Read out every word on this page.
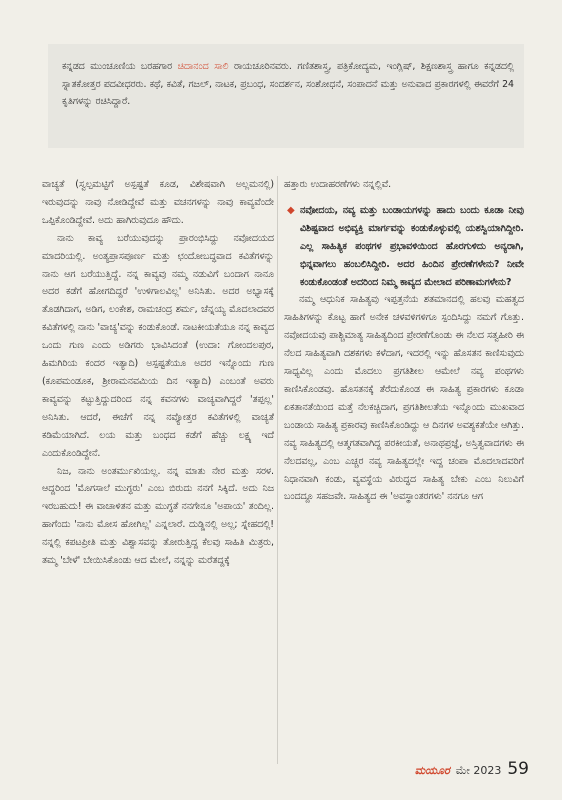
ಕನ್ನಡದ ಮುಂಚೂಣಿಯ ಬರಹಗಾರ ಚಿದಾನಂದ ಸಾಲಿ ರಾಯಚೂರಿನವರು. ಗಣಿತಶಾಸ್ತ್ರ, ಪತ್ರಿಕೋದ್ಯಮ, ಇಂಗ್ಲಿಷ್, ಶಿಕ್ಷಣಶಾಸ್ತ್ರ ಹಾಗೂ ಕನ್ನಡದಲ್ಲಿ ಸ್ನಾತಕೋತ್ತರ ಪದವೀಧರರು. ಕಥೆ, ಕವಿತೆ, ಗಜಲ್, ನಾಟಕ, ಪ್ರಬಂಧ, ಸಂದರ್ಶನ, ಸಂಶೋಧನೆ, ಸಂಪಾದನೆ ಮತ್ತು ಅನುವಾದ ಪ್ರಕಾರಗಳಲ್ಲಿ ಈವರೆಗೆ 24 ಕೃತಿಗಳನ್ನು ರಚಿಸಿದ್ದಾರೆ.

ವಾಚ್ಯತೆ (ಸ್ವಲ್ಪಮಟ್ಟಿಗೆ ಅಸ್ಪಷ್ಟತೆ ಕೂಡ, ವಿಶೇಷವಾಗಿ ಅಲ್ಲಮನಲ್ಲಿ) ಇರುವುದನ್ನು ನಾವು ನೋಡಿದ್ದೇವೆ ಮತ್ತು ವಚನಗಳನ್ನು ನಾವು ಕಾವ್ಯವೆಂದೇ ಒಪ್ಪಿಕೊಂಡಿದ್ದೇವೆ. ಅದು ಹಾಗಿರುವುದೂ ಹೌದು.

ನಾನು ಕಾವ್ಯ ಬರೆಯುವುದನ್ನು ಪ್ರಾರಂಭಿಸಿದ್ದು ನವೋದಯದ ಮಾದರಿಯಲ್ಲಿ. ಅಂತ್ಯಪ್ರಾಸಪೂರ್ಣ ಮತ್ತು ಛಂದೋಬದ್ಧವಾದ ಕವಿತೆಗಳನ್ನು ನಾನು ಆಗ ಬರೆಯುತ್ತಿದ್ದೆ. ನನ್ನ ಕಾವ್ಯವು ನಮ್ಮ ನಡುವಿಗೆ ಬಂದಾಗ ನಾನೂ ಅದರ ಕಡೆಗೆ ಹೋಗದಿದ್ದರೆ 'ಉಳಿಗಾಲವಿಲ್ಲ' ಅನಿಸಿತು. ಅದರ ಅಭ್ಯಾಸಕ್ಕೆ ತೊಡಗಿದಾಗ, ಅಡಿಗ, ಲಂಕೇಶ, ರಾಮಚಂದ್ರ ಶರ್ಮ, ಚೆನ್ನಯ್ಯ ಮೊದಲಾದವರ ಕವಿತೆಗಳಲ್ಲಿ ನಾನು 'ವಾಚ್ಯ'ವನ್ನು ಕಂಡುಕೊಂಡೆ. ನಾಟಕೀಯತೆಯೂ ನನ್ನ ಕಾವ್ಯದ ಒಂದು ಗುಣ ಎಂದು ಅಡಿಗರು ಭಾವಿಸಿದಂತೆ (ಉದಾ: ಗೋಂದಲಪುರ, ಹಿಮಗಿರಿಯ ಕಂದರ ಇತ್ಯಾದಿ) ಅಸ್ಪಷ್ಟತೆಯೂ ಅದರ ಇನ್ನೊಂದು ಗುಣ (ಕೂಪಮಂಡೂಕ, ಶ್ರೀರಾಮನವಮಿಯ ದಿನ ಇತ್ಯಾದಿ) ಎಂಬಂತೆ ಅವರು ಕಾವ್ಯವನ್ನು ಕಟ್ಟುತ್ತಿದ್ದುದರಿಂದ ನನ್ನ ಕವನಗಳು ವಾಚ್ಯವಾಗಿದ್ದರೆ 'ತಪ್ಪಲ್ಲ' ಅನಿಸಿತು. ಆದರೆ, ಈಚೆಗೆ ನನ್ನ ನವ್ಯೋತ್ತರ ಕವಿತೆಗಳಲ್ಲಿ ವಾಚ್ಯತೆ ಕಡಿಮೆಯಾಗಿದೆ. ಲಯ ಮತ್ತು ಬಂಧದ ಕಡೆಗೆ ಹೆಚ್ಚು ಲಕ್ಷ್ಯ ಇದೆ ಎಂದುಕೊಂಡಿದ್ದೇನೆ.

ನಿಜ, ನಾನು ಅಂತರ್ಮುಖಿಯಲ್ಲ. ನನ್ನ ಮಾತು ನೇರ ಮತ್ತು ಸರಳ. ಆದ್ದರಿಂದ 'ಮೊಗಸಾಲೆ ಮುಗ್ಧರು' ಎಂಬ ಬಿರುದು ನನಗೆ ಸಿಕ್ಕಿದೆ. ಅದು ನಿಜ ಇರಬಹುದು! ಈ ವಾಚಾಳಿತನ ಮತ್ತು ಮುಗ್ಧತೆ ನನಗೇನೂ 'ಅಪಾಯ' ತಂದಿಲ್ಲ. ಹಾಗೆಂದು 'ನಾನು ಮೋಸ ಹೋಗಿಲ್ಲ' ಎನ್ನಲಾರೆ. ದುಡ್ಡಿನಲ್ಲಿ ಅಲ್ಲ; ಸ್ನೇಹದಲ್ಲಿ! ನನ್ನಲ್ಲಿ ಕಪಟಪ್ರೀತಿ ಮತ್ತು ವಿಶ್ವಾಸವನ್ನು ತೋರುತ್ತಿದ್ದ ಕೆಲವು ಸಾಹಿತಿ ಮಿತ್ರರು, ತಮ್ಮ 'ಬೇಳೆ' ಬೇಯಿಸಿಕೊಂಡು ಆದ ಮೇಲೆ, ನನ್ನನ್ನು ಮರೆತದ್ದಕ್ಕೆ

ಹತ್ತಾರು ಉದಾಹರಣೆಗಳು ನನ್ನಲ್ಲಿವೆ.

◆ ನವೋದಯ, ನವ್ಯ ಮತ್ತು ಬಂಡಾಯಗಳನ್ನು ಹಾದು ಬಂದು ಕೂಡಾ ನೀವು ವಿಶಿಷ್ಟವಾದ ಅಭಿವ್ಯಕ್ತಿ ಮಾರ್ಗವನ್ನು ಕಂಡುಕೊಳ್ಳುವಲ್ಲಿ ಯಶಸ್ವಿಯಾಗಿದ್ದೀರಿ. ಎಲ್ಲ ಸಾಹಿತ್ಯಿಕ ಪಂಥಗಳ ಪ್ರಭಾವಳಿಯಿಂದ ಹೊರಗುಳಿದು ಅನ್ಯರಾಗಿ, ಭಿನ್ನವಾಗಲು ಹಂಬಲಿಸಿದ್ದೀರಿ. ಅದರ ಹಿಂದಿನ ಪ್ರೇರಣೆಗಳೇನು? ನೀವೇ ಕಂಡುಕೊಂಡಂತೆ ಅದರಿಂದ ನಿಮ್ಮ ಕಾವ್ಯದ ಮೇಲಾದ ಪರಿಣಾಮಗಳೇನು?

ನಮ್ಮ ಆಧುನಿಕ ಸಾಹಿತ್ಯವು ಇಪ್ಪತ್ತನೆಯ ಶತಮಾನದಲ್ಲಿ ಹಲವು ಮಹತ್ವದ ಸಾಹಿತಿಗಳನ್ನು ಕೊಟ್ಟ ಹಾಗೆ ಅನೇಕ ಚಳವಳಿಗಳಿಗೂ ಸ್ಪಂದಿಸಿದ್ದು ನಮಗೆ ಗೊತ್ತು. ನವೋದಯವು ಪಾಶ್ಚಿಮಾತ್ಯ ಸಾಹಿತ್ಯದಿಂದ ಪ್ರೇರಣೆಗೊಂಡು ಈ ನೆಲದ ಸತ್ವಹೀರಿ ಈ ನೆಲದ ಸಾಹಿತ್ಯವಾಗಿ ದಶಕಗಳು ಕಳೆದಾಗ, ಇದರಲ್ಲಿ ಇನ್ನು ಹೊಸತನ ಕಾಣಿಸುವುದು ಸಾಧ್ಯವಿಲ್ಲ ಎಂದು ಮೊದಲು ಪ್ರಗತಿಶೀಲ ಆಮೇಲೆ ನವ್ಯ ಪಂಥಗಳು ಕಾಣಿಸಿಕೊಂಡವು. ಹೊಸತನಕ್ಕೆ ತೆರೆದುಕೊಂಡ ಈ ಸಾಹಿತ್ಯ ಪ್ರಕಾರಗಳು ಕೂಡಾ ಏಕತಾನತೆಯಿಂದ ಮತ್ತೆ ನೆಲಕಚ್ಚಿದಾಗ, ಪ್ರಗತಿಶೀಲತೆಯ ಇನ್ನೊಂದು ಮುಖವಾದ ಬಂಡಾಯ ಸಾಹಿತ್ಯ ಪ್ರಕಾರವು ಕಾಣಿಸಿಕೊಂಡಿದ್ದು ಆ ದಿನಗಳ ಅವಶ್ಯಕತೆಯೇ ಆಗಿತ್ತು. ನವ್ಯ ಸಾಹಿತ್ಯದಲ್ಲಿ ಆತ್ಮಗತವಾಗಿದ್ದ ಪರಕೀಯತೆ, ಅನಾಥಪ್ರಜ್ಞೆ, ಅಸ್ತಿತ್ವವಾದಗಳು ಈ ನೆಲದವಲ್ಲ, ಎಂಬ ಎಚ್ಚರ ನವ್ಯ ಸಾಹಿತ್ಯದಲ್ಲೇ ಇದ್ದ ಚಂಪಾ ಮೊದಲಾದವರಿಗೆ ನಿಧಾನವಾಗಿ ಕಂಡು, ವ್ಯವಸ್ಥೆಯ ವಿರುದ್ಧದ ಸಾಹಿತ್ಯ ಬೇಕು ಎಂಬ ನಿಲುವಿಗೆ ಬಂದದ್ದೂ ಸಹಜವೇ. ಸಾಹಿತ್ಯದ ಈ 'ಅವಸ್ಥಾಂತರಗಳು' ನನಗೂ ಆಗ

ಮಯೂರ ಮೇ 2023 59
